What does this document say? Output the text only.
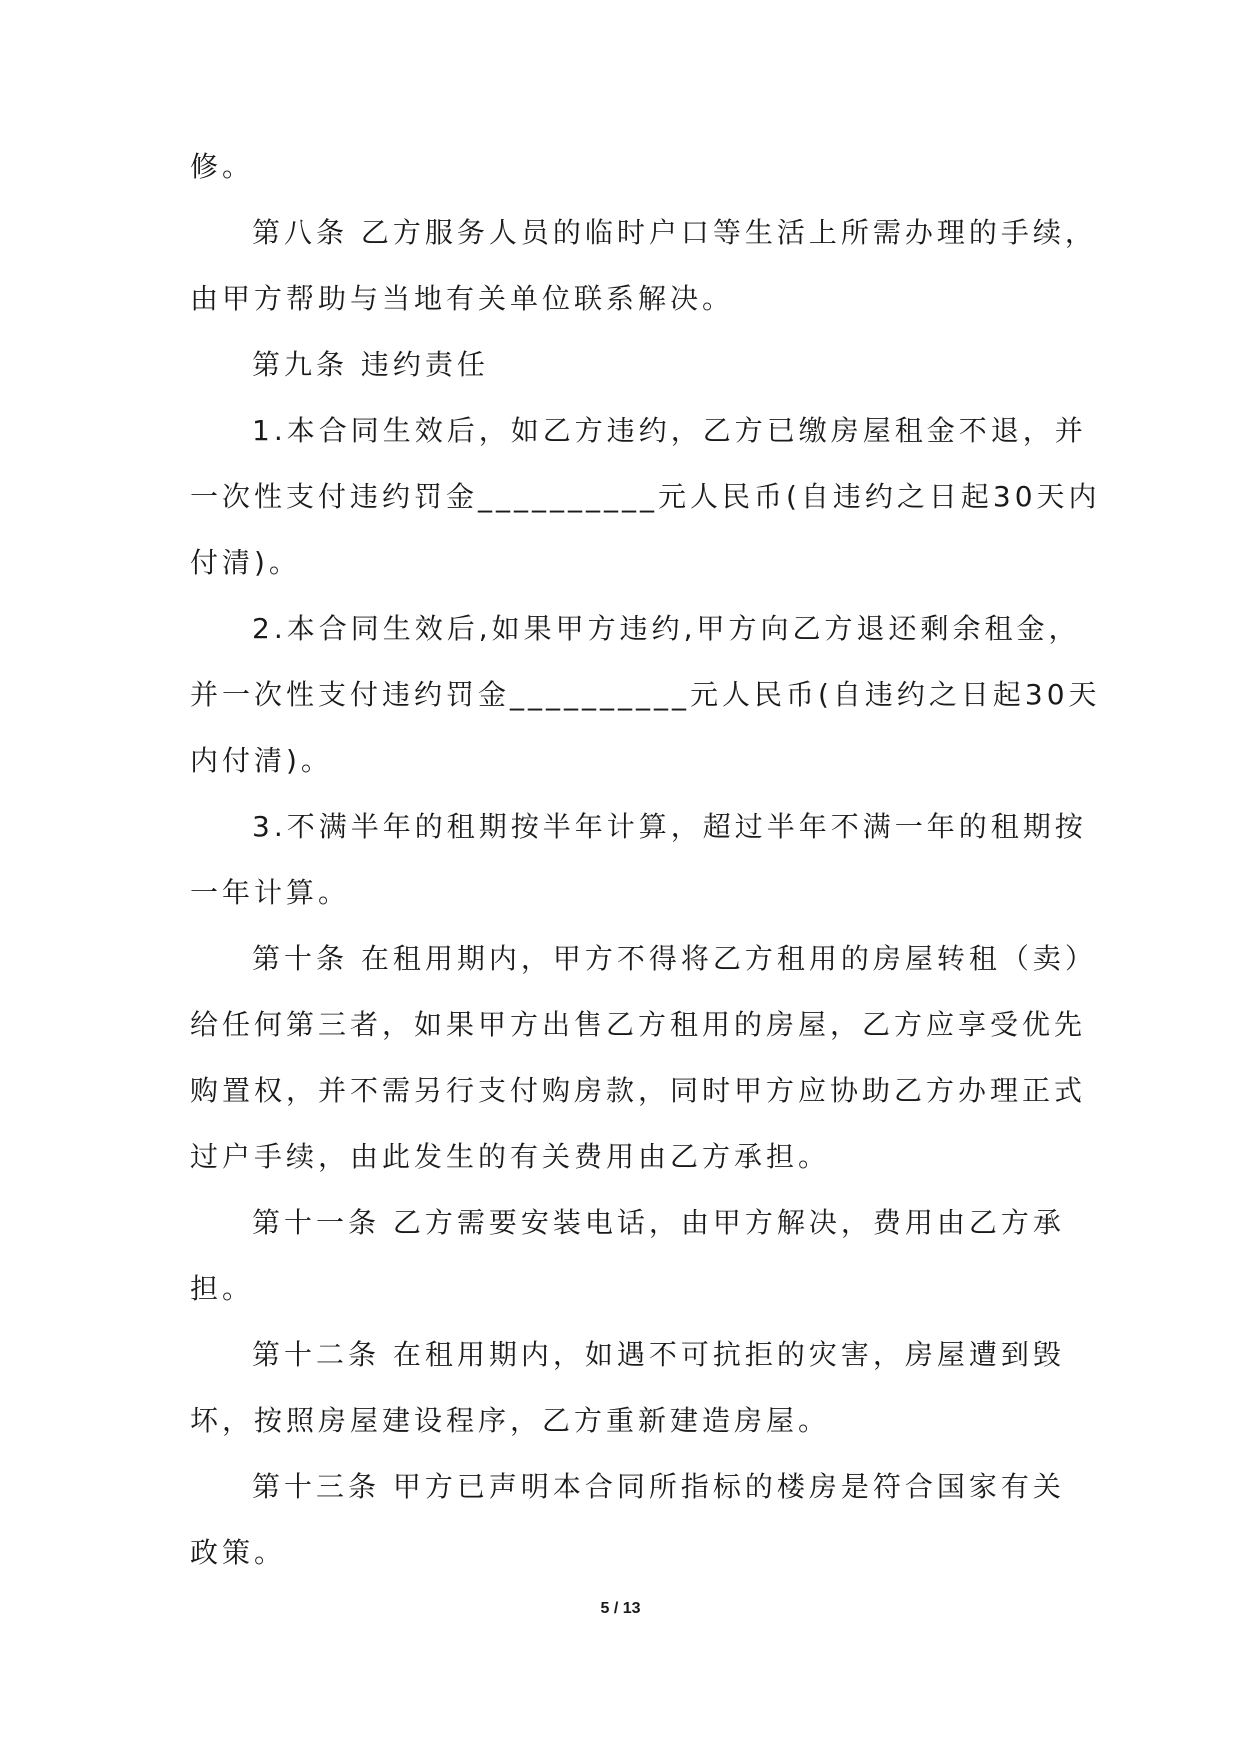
修。
第八条 乙方服务人员的临时户口等生活上所需办理的手续，
由甲方帮助与当地有关单位联系解决。
第九条 违约责任
1.本合同生效后，如乙方违约，乙方已缴房屋租金不退，并
一次性支付违约罚金__________元人民币(自违约之日起30天内
付清)。
2.本合同生效后,如果甲方违约,甲方向乙方退还剩余租金，
并一次性支付违约罚金__________元人民币(自违约之日起30天
内付清)。
3.不满半年的租期按半年计算，超过半年不满一年的租期按
一年计算。
第十条 在租用期内，甲方不得将乙方租用的房屋转租（卖）
给任何第三者，如果甲方出售乙方租用的房屋，乙方应享受优先
购置权，并不需另行支付购房款，同时甲方应协助乙方办理正式
过户手续，由此发生的有关费用由乙方承担。
第十一条 乙方需要安装电话，由甲方解决，费用由乙方承
担。
第十二条 在租用期内，如遇不可抗拒的灾害，房屋遭到毁
坏，按照房屋建设程序，乙方重新建造房屋。
第十三条 甲方已声明本合同所指标的楼房是符合国家有关
政策。
5 / 13
